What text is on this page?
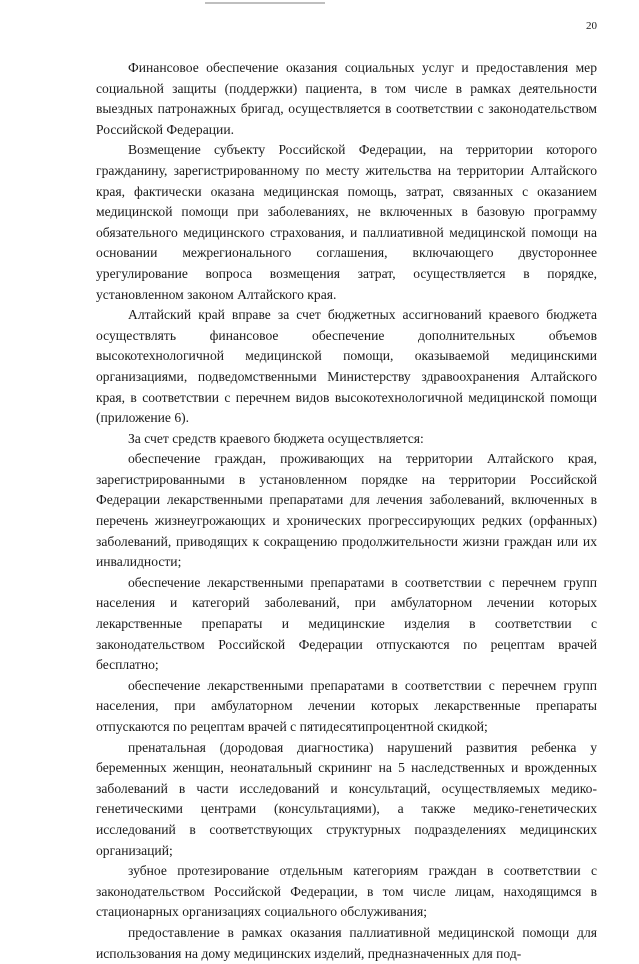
20

Финансовое обеспечение оказания социальных услуг и предоставления мер социальной защиты (поддержки) пациента, в том числе в рамках деятельности выездных патронажных бригад, осуществляется в соответствии с законодательством Российской Федерации.

Возмещение субъекту Российской Федерации, на территории которого гражданину, зарегистрированному по месту жительства на территории Алтайского края, фактически оказана медицинская помощь, затрат, связанных с оказанием медицинской помощи при заболеваниях, не включенных в базовую программу обязательного медицинского страхования, и паллиативной медицинской помощи на основании межрегионального соглашения, включающего двустороннее урегулирование вопроса возмещения затрат, осуществляется в порядке, установленном законом Алтайского края.

Алтайский край вправе за счет бюджетных ассигнований краевого бюджета осуществлять финансовое обеспечение дополнительных объемов высокотехнологичной медицинской помощи, оказываемой медицинскими организациями, подведомственными Министерству здравоохранения Алтайского края, в соответствии с перечнем видов высокотехнологичной медицинской помощи (приложение 6).

За счет средств краевого бюджета осуществляется:

обеспечение граждан, проживающих на территории Алтайского края, зарегистрированными в установленном порядке на территории Российской Федерации лекарственными препаратами для лечения заболеваний, включенных в перечень жизнеугрожающих и хронических прогрессирующих редких (орфанных) заболеваний, приводящих к сокращению продолжительности жизни граждан или их инвалидности;

обеспечение лекарственными препаратами в соответствии с перечнем групп населения и категорий заболеваний, при амбулаторном лечении которых лекарственные препараты и медицинские изделия в соответствии с законодательством Российской Федерации отпускаются по рецептам врачей бесплатно;

обеспечение лекарственными препаратами в соответствии с перечнем групп населения, при амбулаторном лечении которых лекарственные препараты отпускаются по рецептам врачей с пятидесятипроцентной скидкой;

пренатальная (дородовая диагностика) нарушений развития ребенка у беременных женщин, неонатальный скрининг на 5 наследственных и врожденных заболеваний в части исследований и консультаций, осуществляемых медико-генетическими центрами (консультациями), а также медико-генетических исследований в соответствующих структурных подразделениях медицинских организаций;

зубное протезирование отдельным категориям граждан в соответствии с законодательством Российской Федерации, в том числе лицам, находящимся в стационарных организациях социального обслуживания;

предоставление в рамках оказания паллиативной медицинской помощи для использования на дому медицинских изделий, предназначенных для под-
